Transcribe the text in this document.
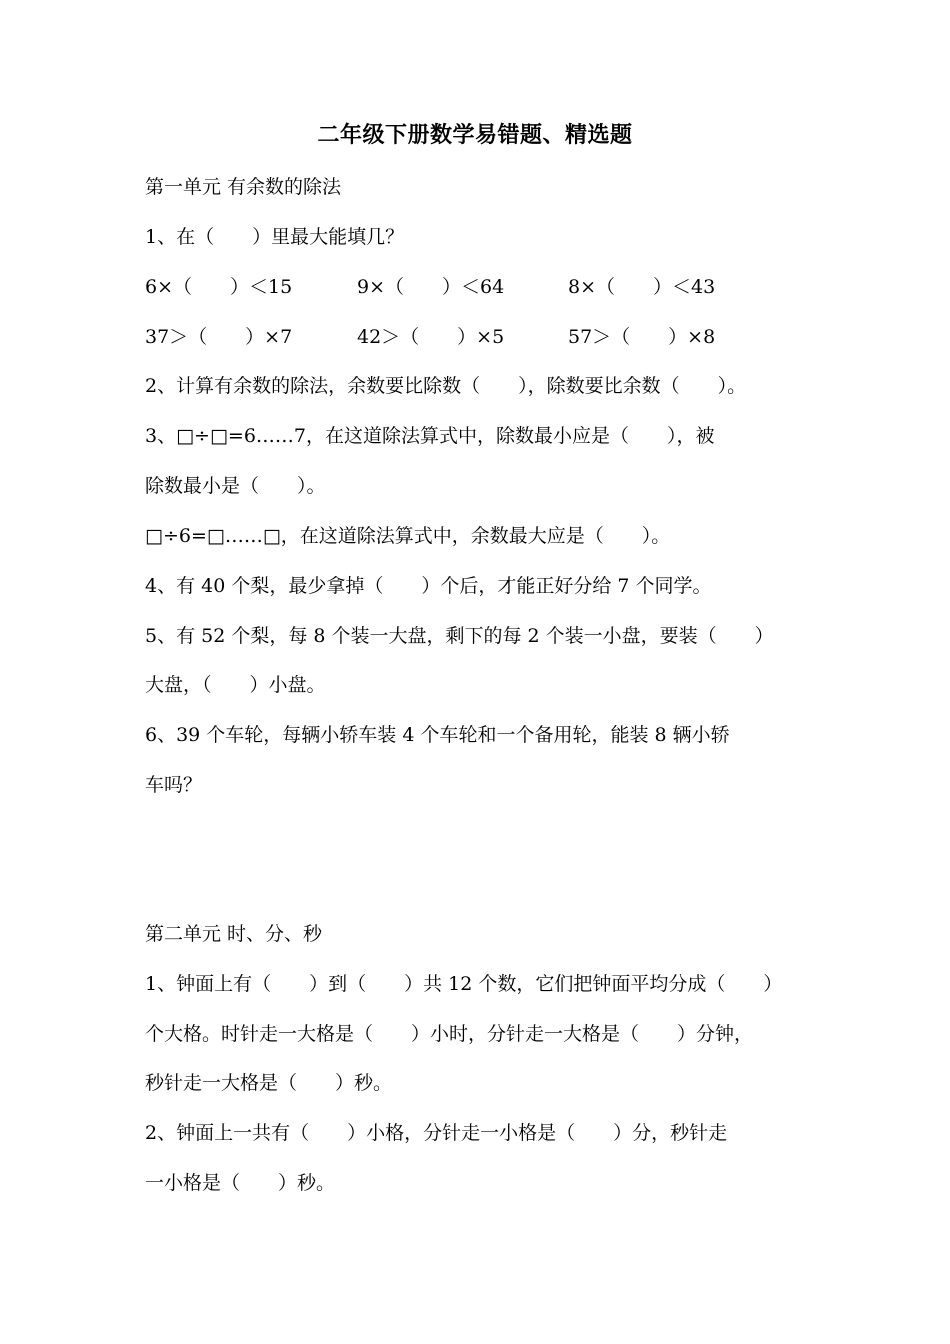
二年级下册数学易错题、精选题
第一单元 有余数的除法
1、在（　　）里最大能填几？
6×（　　）＜15	9×（　　）＜64	8×（　　）＜43
37＞（　　）×7	42＞（　　）×5	57＞（　　）×8
2、计算有余数的除法，余数要比除数（　　），除数要比余数（　　）。
3、□÷□=6……7，在这道除法算式中，除数最小应是（　　），被
除数最小是（　　）。
□÷6=□……□，在这道除法算式中，余数最大应是（　　）。
4、有 40 个梨，最少拿掉（　　）个后，才能正好分给 7 个同学。
5、有 52 个梨，每 8 个装一大盘，剩下的每 2 个装一小盘，要装（　　）
大盘，（　　）小盘。
6、39 个车轮，每辆小轿车装 4 个车轮和一个备用轮，能装 8 辆小轿
车吗？
第二单元 时、分、秒
1、钟面上有（　　）到（　　）共 12 个数，它们把钟面平均分成（　　）
个大格。时针走一大格是（　　）小时，分针走一大格是（　　）分钟，
秒针走一大格是（　　）秒。
2、钟面上一共有（　　）小格，分针走一小格是（　　）分，秒针走
一小格是（　　）秒。
